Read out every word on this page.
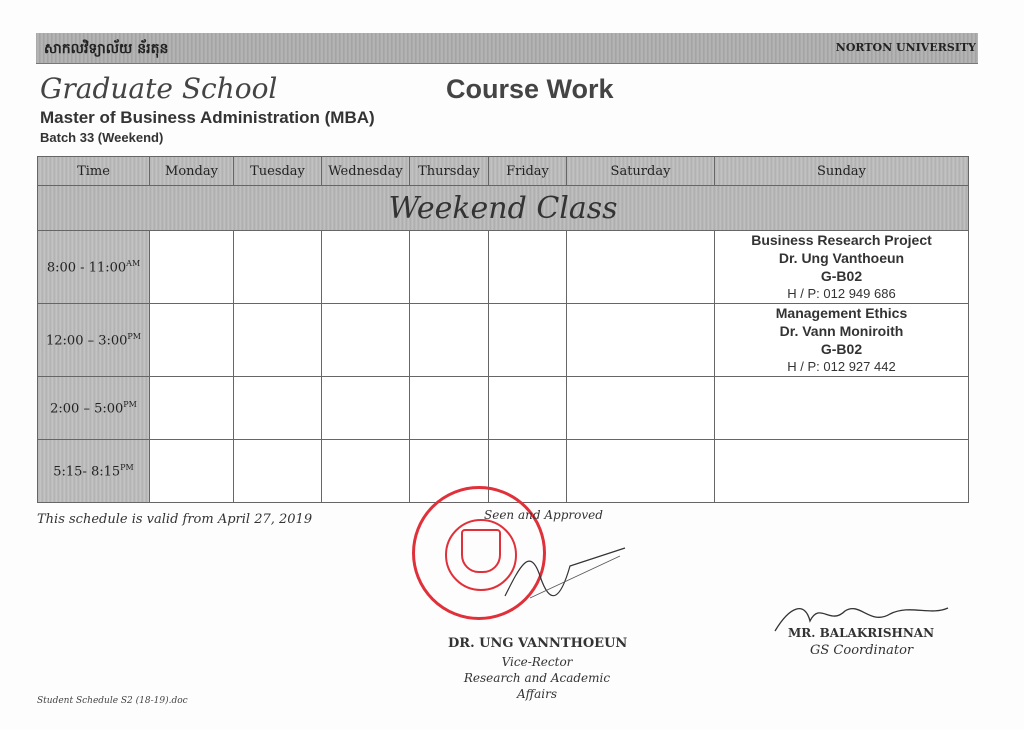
សាកលវិទ្យាល័យ ន័រតុន	NORTON UNIVERSITY
Graduate School	Course Work
Master of Business Administration (MBA)
Batch 33 (Weekend)
Time	Monday	Tuesday	Wednesday	Thursday	Friday	Saturday	Sunday
Weekend Class							
8:00 - $11:00^{AM}$							Business Research Project
Dr. Ung Vanthoeun
G-B02
H / P: 012 949 686

12:00 – $3:00^{PM}$							Management Ethics
Dr. Vann Moniroith
G-B02
H / P: 012 927 442

2:00 – $5:00^{PM}$							
5:15- $8:15^{PM}$							
This schedule is valid from April 27, 2019	Seen and Approved
DR. UNG VANNTHOEUN
Vice-Rector
Research and Academic Affairs
MR. BALAKRISHNAN
GS Coordinator
Student Schedule S2 (18-19).doc
